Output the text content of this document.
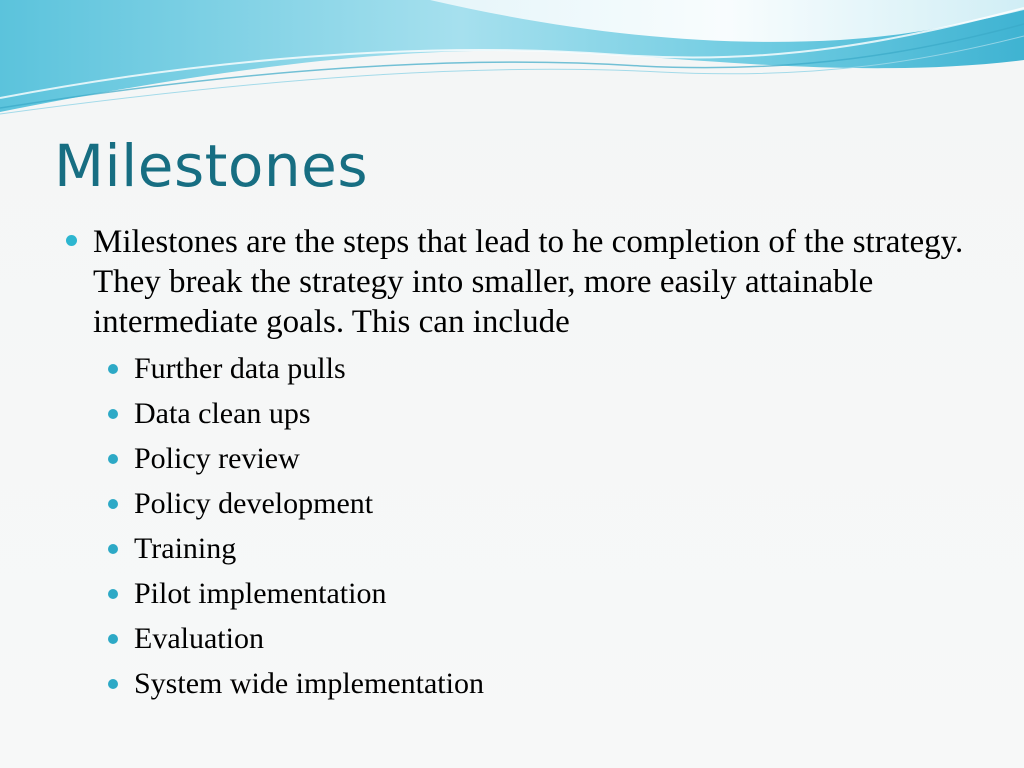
Milestones

Milestones are the steps that lead to he completion of the strategy. They break the strategy into smaller, more easily attainable intermediate goals. This can include

Further data pulls
Data clean ups
Policy review
Policy development
Training
Pilot implementation
Evaluation
System wide implementation
